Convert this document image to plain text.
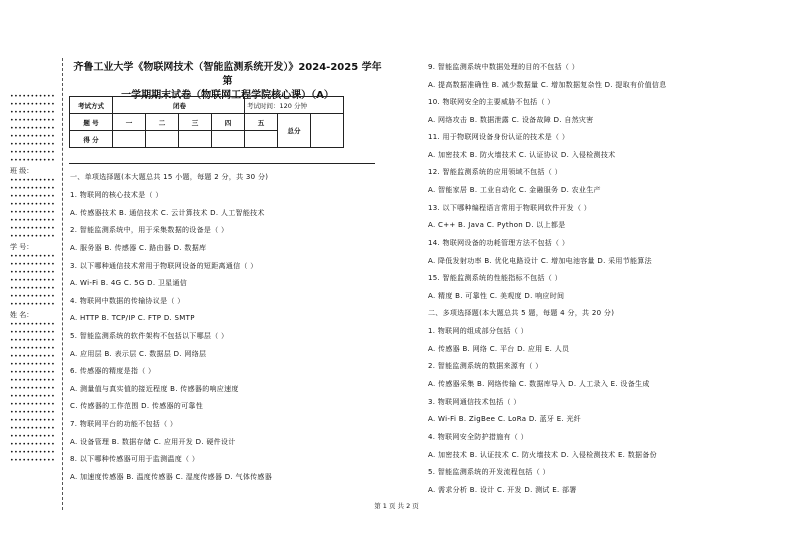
•••••••••••
•••••••••••
•••••••••••
•••••••••••
•••••••••••
•••••••••••
•••••••••••
•••••••••••
•••••••••••
班 级：
•••••••••••
•••••••••••
•••••••••••
•••••••••••
•••••••••••
•••••••••••
•••••••••••
•••••••••••
学 号：
•••••••••••
•••••••••••
•••••••••••
•••••••••••
•••••••••••
•••••••••••
•••••••••••
姓 名：
•••••••••••
•••••••••••
•••••••••••
•••••••••••
•••••••••••
•••••••••••
•••••••••••
•••••••••••
•••••••••••
•••••••••••
•••••••••••
•••••••••••
•••••••••••
•••••••••••
•••••••••••
•••••••••••
•••••••••••
•••••••••••
齐鲁工业大学《物联网技术（智能监测系统开发）》2024-2025 学年第
一学期期末试卷（物联网工程学院核心课）（A）
考试方式	闭卷				考试时间：120 分钟		
题 号	一	二	三	四	五	总分	
得 分							
一、单项选择题(本大题总共 15 小题，每题 2 分，共 30 分)
1. 物联网的核心技术是（ ）
A. 传感器技术 B. 通信技术 C. 云计算技术 D. 人工智能技术
2. 智能监测系统中，用于采集数据的设备是（ ）
A. 服务器 B. 传感器 C. 路由器 D. 数据库
3. 以下哪种通信技术常用于物联网设备的短距离通信（ ）
A. Wi-Fi B. 4G C. 5G D. 卫星通信
4. 物联网中数据的传输协议是（ ）
A. HTTP B. TCP/IP C. FTP D. SMTP
5. 智能监测系统的软件架构不包括以下哪层（ ）
A. 应用层 B. 表示层 C. 数据层 D. 网络层
6. 传感器的精度是指（ ）
A. 测量值与真实值的接近程度 B. 传感器的响应速度
C. 传感器的工作范围 D. 传感器的可靠性
7. 物联网平台的功能不包括（ ）
A. 设备管理 B. 数据存储 C. 应用开发 D. 硬件设计
8. 以下哪种传感器可用于监测温度（ ）
A. 加速度传感器 B. 温度传感器 C. 湿度传感器 D. 气体传感器
9. 智能监测系统中数据处理的目的不包括（ ）
A. 提高数据准确性 B. 减少数据量 C. 增加数据复杂性 D. 提取有价值信息
10. 物联网安全的主要威胁不包括（ ）
A. 网络攻击 B. 数据泄露 C. 设备故障 D. 自然灾害
11. 用于物联网设备身份认证的技术是（ ）
A. 加密技术 B. 防火墙技术 C. 认证协议 D. 入侵检测技术
12. 智能监测系统的应用领域不包括（ ）
A. 智能家居 B. 工业自动化 C. 金融服务 D. 农业生产
13. 以下哪种编程语言常用于物联网软件开发（ ）
A. C++ B. Java C. Python D. 以上都是
14. 物联网设备的功耗管理方法不包括（ ）
A. 降低发射功率 B. 优化电路设计 C. 增加电池容量 D. 采用节能算法
15. 智能监测系统的性能指标不包括（ ）
A. 精度 B. 可靠性 C. 美观度 D. 响应时间
二、多项选择题(本大题总共 5 题，每题 4 分，共 20 分)
1. 物联网的组成部分包括（ ）
A. 传感器 B. 网络 C. 平台 D. 应用 E. 人员
2. 智能监测系统的数据来源有（ ）
A. 传感器采集 B. 网络传输 C. 数据库导入 D. 人工录入 E. 设备生成
3. 物联网通信技术包括（ ）
A. Wi-Fi B. ZigBee C. LoRa D. 蓝牙 E. 光纤
4. 物联网安全防护措施有（ ）
A. 加密技术 B. 认证技术 C. 防火墙技术 D. 入侵检测技术 E. 数据备份
5. 智能监测系统的开发流程包括（ ）
A. 需求分析 B. 设计 C. 开发 D. 测试 E. 部署
第 1 页 共 2 页
